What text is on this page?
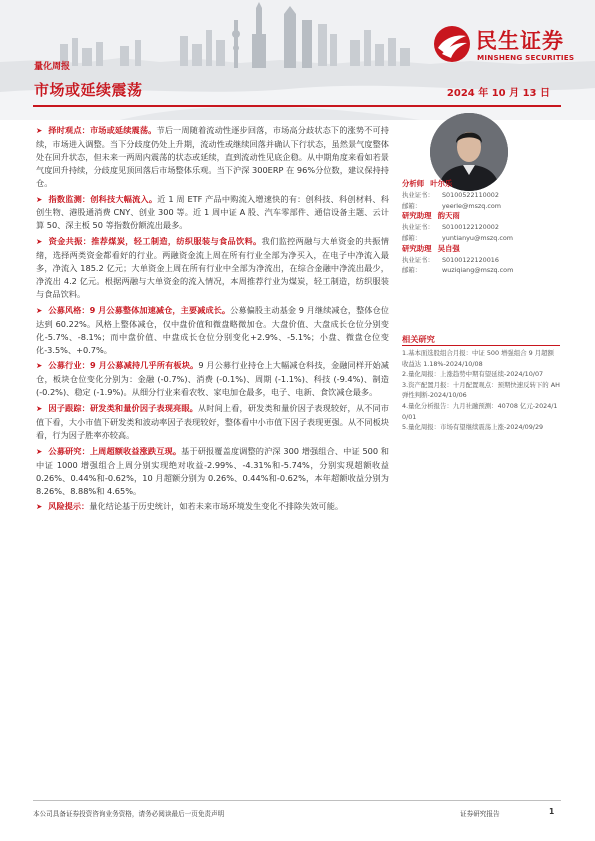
民生证券
MINSHENG SECURITIES
量化周报
市场或延续震荡	2024 年 10 月 13 日

➤ 择时观点：市场或延续震荡。节后一周随着流动性逐步回落，市场高分歧状态下的涨势不可持续，市场进入调整。当下分歧度仍处上升期，流动性或继续回落并确认下行状态，虽然景气度整体处在回升状态，但未来一两周内震荡的状态或延续，直到流动性见底企稳。从中期角度来看如若景气度回升持续，分歧度见顶回落后市场整体乐观。当下沪深 300ERP 在 96%分位数，建议保持持仓。

➤ 指数监测：创科技大幅流入。近 1 周 ETF 产品中购流入增速快的有：创科技、科创材料、科创生物、港股通消费 CNY、创业 300 等。近 1 周中证 A 股、汽车零部件、通信设备主题、云计算 50、深主板 50 等指数份额流出最多。

➤ 资金共振：推荐煤炭，轻工制造，纺织服装与食品饮料。我们监控两融与大单资金的共振情绪，选择两类资金都看好的行业。两融资金流上周在所有行业全部为净买入，在电子中净流入最多，净流入 185.2 亿元；大单资金上周在所有行业中全部为净流出，在综合金融中净流出最少，净流出 4.2 亿元。根据两融与大单资金的流入情况，本周推荐行业为煤炭，轻工制造，纺织服装与食品饮料。

➤ 公募风格：9 月公募整体加速减仓，主要减成长。公募偏股主动基金 9 月继续减仓，整体仓位达到 60.22%。风格上整体减仓，仅中盘价值和微盘略微加仓。大盘价值、大盘成长仓位分别变化-5.7%、-8.1%；而中盘价值、中盘成长仓位分别变化+2.9%、-5.1%；小盘、微盘仓位变化-3.5%、+0.7%。

➤ 公募行业：9 月公募减持几乎所有板块。9 月公募行业持仓上大幅减仓科技，金融同样开始减仓，板块仓位变化分别为：金融 (-0.7%)、消费 (-0.1%)、周期 (-1.1%)、科技 (-9.4%)、制造 (-0.2%)、稳定 (-1.9%)。从细分行业来看农牧、家电加仓最多，电子、电新、食饮减仓最多。

➤ 因子跟踪：研发类和量价因子表现亮眼。从时间上看，研发类和量价因子表现较好，从不同市值下看，大小市值下研发类和波动率因子表现较好，整体看中小市值下因子表现更强。从不同板块看，行为因子胜率亦较高。

➤ 公募研究：上周超额收益涨跌互现。基于研报覆盖度调整的沪深 300 增强组合、中证 500 和中证 1000 增强组合上周分别实现绝对收益-2.99%、-4.31%和-5.74%，分别实现超额收益 0.26%、0.44%和-0.62%，10 月超额分别为 0.26%、0.44%和-0.62%，本年超额收益分别为 8.26%、8.88%和 4.65%。

➤ 风险提示：量化结论基于历史统计，如若未来市场环境发生变化不排除失效可能。

分析师 叶尔乐
执业证书： S0100522110002
邮箱：	yeerle@mszq.com
研究助理 韵天雨
执业证书： S0100122120002
邮箱：	yuntianyu@mszq.com
研究助理 吴自强
执业证书： S0100122120016
邮箱：	wuziqiang@mszq.com
相关研究

1.基本面选股组合月报：中证 500 增强组合 9 月超额收益达 1.18%-2024/10/08

2.量化周报：上涨趋势中期有望延续-2024/10/07

3.资产配置月报：十月配置观点：预期快速反转下的 AH 弹性判断-2024/10/06

4.量化分析报告：九月社融预测：40708 亿元-2024/10/01

5.量化周报：市场有望继续震荡上涨-2024/09/29

本公司具备证券投资咨询业务资格，请务必阅读最后一页免责声明	证券研究报告	1
